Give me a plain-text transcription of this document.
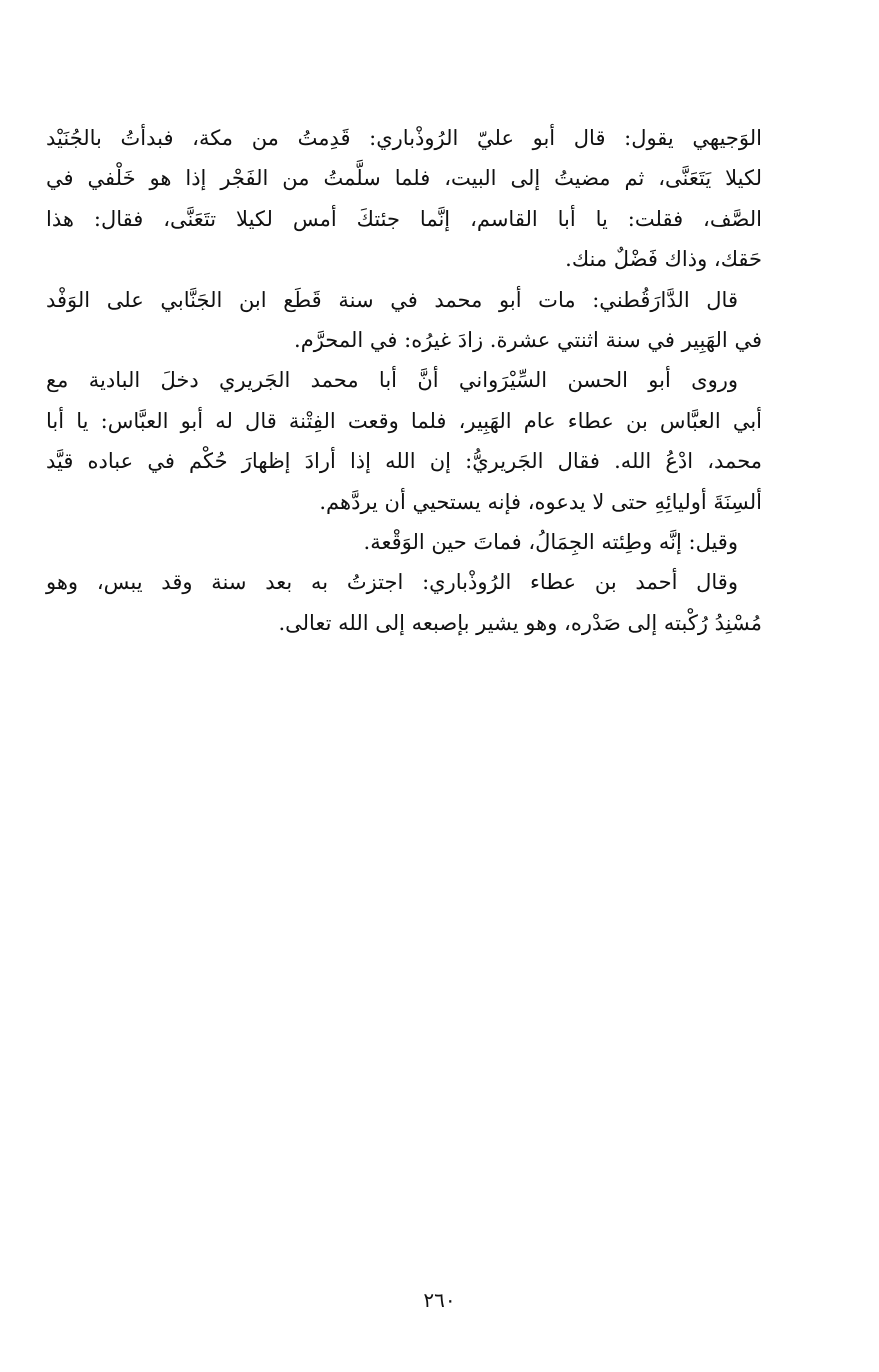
الوَجيهي يقول: قال أبو عليّ الرُوذْباري: قَدِمتُ من مكة، فبدأتُ بالجُنَيْد
لكيلا يَتَعَنَّى، ثم مضيتُ إلى البيت، فلما سلَّمتُ من الفَجْر إذا هو خَلْفي في
الصَّف، فقلت: يا أبا القاسم، إنَّما جئتكَ أمس لكيلا تتَعَنَّى، فقال: هذا
حَقك، وذاك فَضْلٌ منك.

قال الدَّارَقُطني: مات أبو محمد في سنة قَطَع ابن الجَنَّابي على الوَفْد
في الهَبِير في سنة اثنتي عشرة. زادَ غيرُه: في المحرَّم.

وروى أبو الحسن السِّيْرَواني أنَّ أبا محمد الجَريري دخلَ البادية مع
أبي العبَّاس بن عطاء عام الهَبِير، فلما وقعت الفِتْنة قال له أبو العبَّاس: يا أبا
محمد، ادْعُ الله. فقال الجَريريُّ: إن الله إذا أرادَ إظهارَ حُكْم في عباده قيَّد
ألسِنَةَ أوليائِهِ حتى لا يدعوه، فإنه يستحيي أن يردَّهم.

وقيل: إنَّه وطِئته الجِمَالُ، فماتَ حين الوَقْعة.

وقال أحمد بن عطاء الرُوذْباري: اجتزتُ به بعد سنة وقد يبس، وهو
مُسْنِدُ رُكْبته إلى صَدْره، وهو يشير بإصبعه إلى الله تعالى.

٢٦٠
